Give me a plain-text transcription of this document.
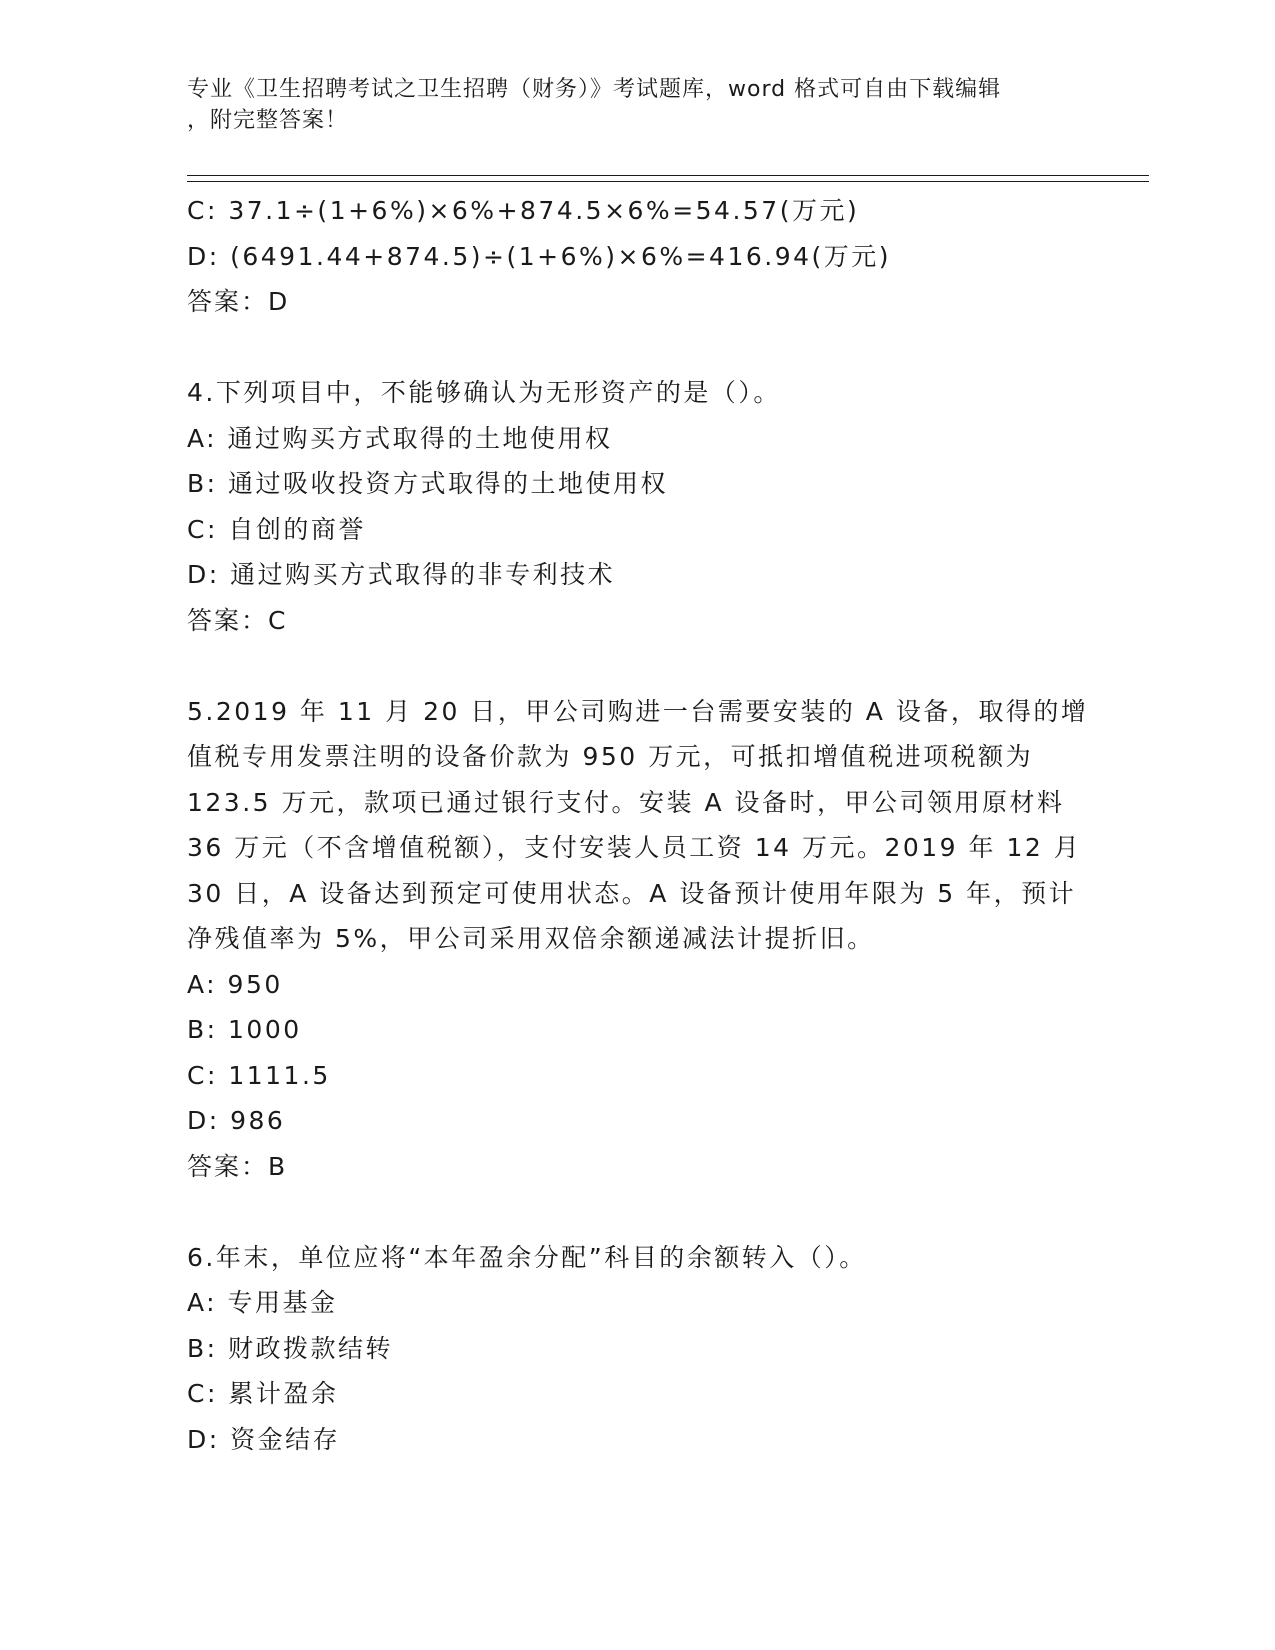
专业《卫生招聘考试之卫生招聘（财务）》考试题库，word 格式可自由下载编辑
，附完整答案！
C: 37.1÷(1+6%)×6%+874.5×6%=54.57(万元)
D: (6491.44+874.5)÷(1+6%)×6%=416.94(万元)
答案：D
4.下列项目中，不能够确认为无形资产的是（）。
A: 通过购买方式取得的土地使用权
B: 通过吸收投资方式取得的土地使用权
C: 自创的商誉
D: 通过购买方式取得的非专利技术
答案：C
5.2019 年 11 月 20 日，甲公司购进一台需要安装的 A 设备，取得的增
值税专用发票注明的设备价款为 950 万元，可抵扣增值税进项税额为
123.5 万元，款项已通过银行支付。安装 A 设备时，甲公司领用原材料
36 万元（不含增值税额），支付安装人员工资 14 万元。2019 年 12 月
30 日，A 设备达到预定可使用状态。A 设备预计使用年限为 5 年，预计
净残值率为 5%，甲公司采用双倍余额递减法计提折旧。
A: 950
B: 1000
C: 1111.5
D: 986
答案：B
6.年末，单位应将“本年盈余分配”科目的余额转入（）。
A: 专用基金
B: 财政拨款结转
C: 累计盈余
D: 资金结存
